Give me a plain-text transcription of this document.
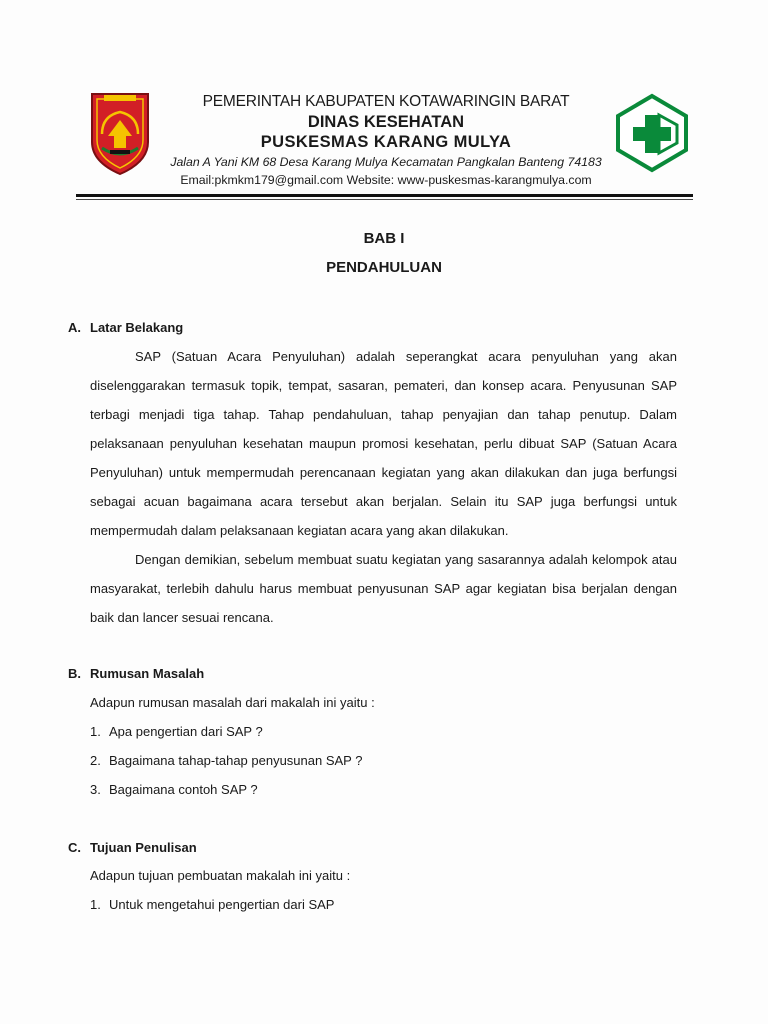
PEMERINTAH KABUPATEN KOTAWARINGIN BARAT
DINAS KESEHATAN
PUSKESMAS KARANG MULYA
Jalan A Yani KM 68 Desa Karang Mulya Kecamatan Pangkalan Banteng 74183
Email:pkmkm179@gmail.com Website: www-puskesmas-karangmulya.com
BAB I
PENDAHULUAN
A. Latar Belakang

SAP (Satuan Acara Penyuluhan) adalah seperangkat acara penyuluhan yang akan diselenggarakan termasuk topik, tempat, sasaran, pemateri, dan konsep acara. Penyusunan SAP terbagi menjadi tiga tahap. Tahap pendahuluan, tahap penyajian dan tahap penutup. Dalam pelaksanaan penyuluhan kesehatan maupun promosi kesehatan, perlu dibuat SAP (Satuan Acara Penyuluhan) untuk mempermudah perencanaan kegiatan yang akan dilakukan dan juga berfungsi sebagai acuan bagaimana acara tersebut akan berjalan. Selain itu SAP juga berfungsi untuk mempermudah dalam pelaksanaan kegiatan acara yang akan dilakukan.

Dengan demikian, sebelum membuat suatu kegiatan yang sasarannya adalah kelompok atau masyarakat, terlebih dahulu harus membuat penyusunan SAP agar kegiatan bisa berjalan dengan baik dan lancer sesuai rencana.

B. Rumusan Masalah
Adapun rumusan masalah dari makalah ini yaitu :
1. Apa pengertian dari SAP ?
2. Bagaimana tahap-tahap penyusunan SAP ?
3. Bagaimana contoh SAP ?
C. Tujuan Penulisan
Adapun tujuan pembuatan makalah ini yaitu :
1. Untuk mengetahui pengertian dari SAP
